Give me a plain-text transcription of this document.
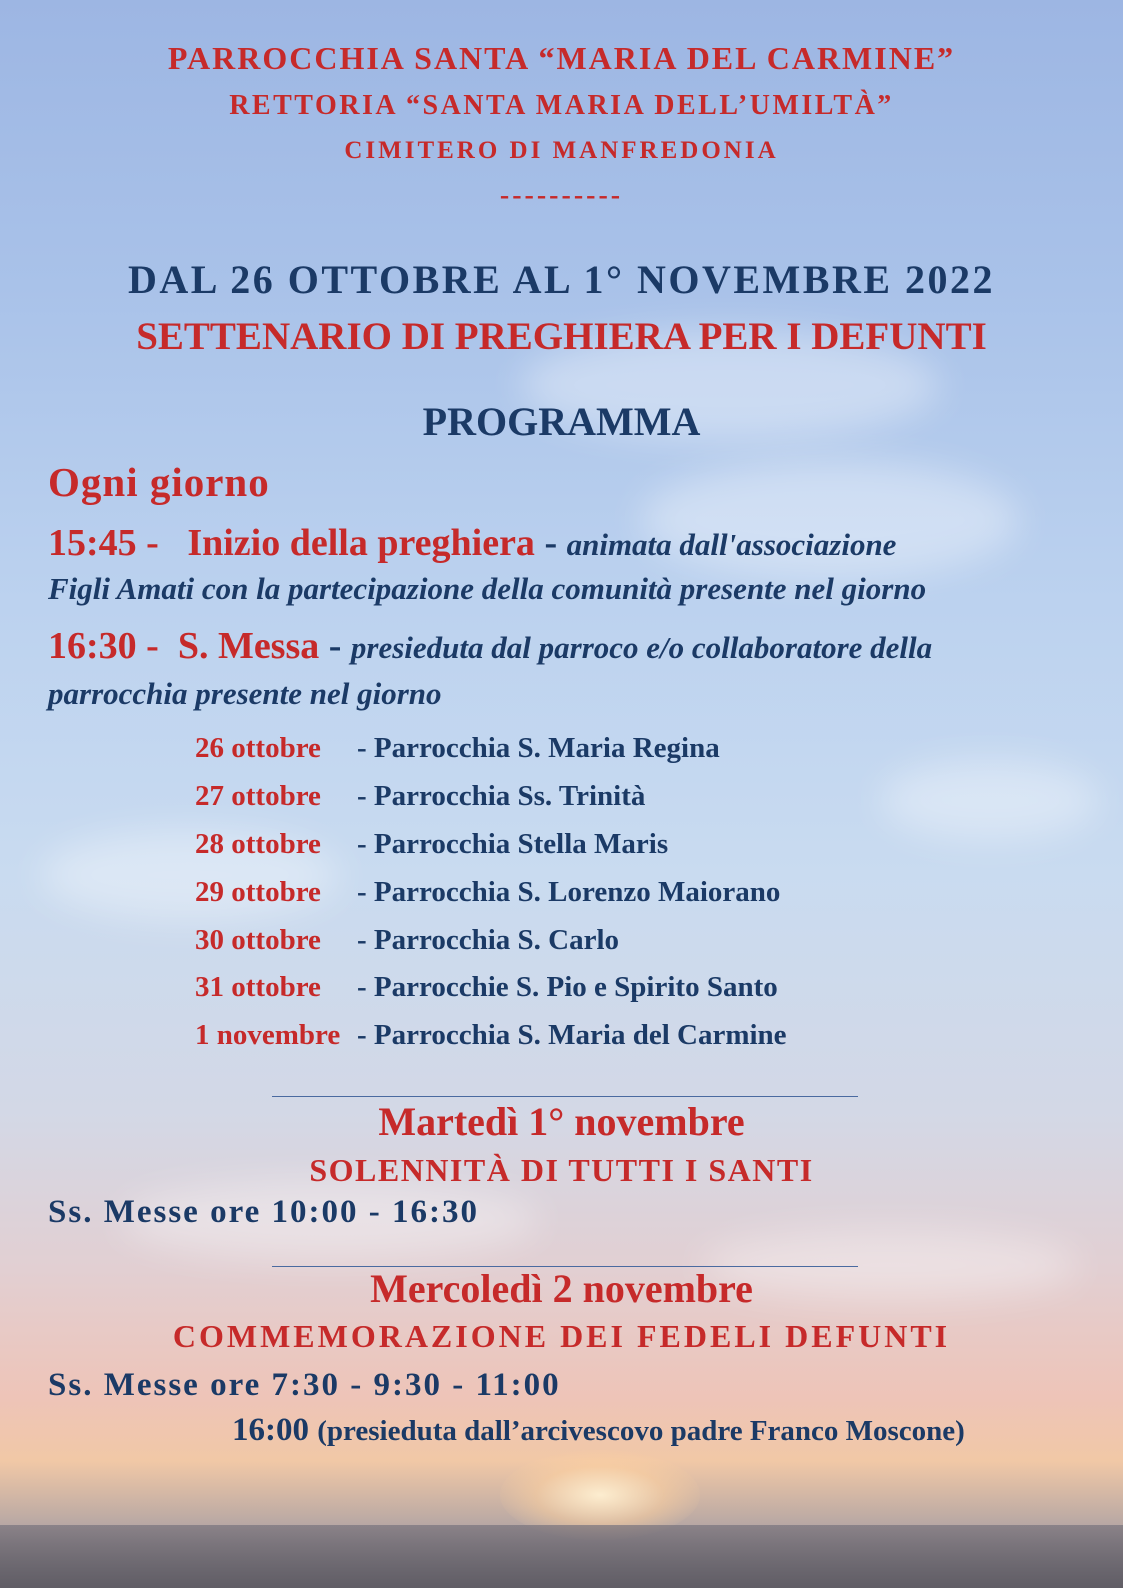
PARROCCHIA SANTA “MARIA DEL CARMINE”
RETTORIA “SANTA MARIA DELL’UMILTÀ”
CIMITERO DI MANFREDONIA
----------
DAL 26 OTTOBRE AL 1° NOVEMBRE 2022
SETTENARIO DI PREGHIERA PER I DEFUNTI
PROGRAMMA
Ogni giorno
15:45 - Inizio della preghiera - animata dall'associazione
Figli Amati con la partecipazione della comunità presente nel giorno
16:30 - S. Messa - presieduta dal parroco e/o collaboratore della
parrocchia presente nel giorno
26 ottobre - Parrocchia S. Maria Regina
27 ottobre - Parrocchia Ss. Trinità
28 ottobre - Parrocchia Stella Maris
29 ottobre - Parrocchia S. Lorenzo Maiorano
30 ottobre - Parrocchia S. Carlo
31 ottobre - Parrocchie S. Pio e Spirito Santo
1 novembre - Parrocchia S. Maria del Carmine
Martedì 1° novembre
SOLENNITÀ DI TUTTI I SANTI
Ss. Messe ore 10:00 - 16:30
Mercoledì 2 novembre
COMMEMORAZIONE DEI FEDELI DEFUNTI
Ss. Messe ore 7:30 - 9:30 - 11:00
16:00 (presieduta dall’arcivescovo padre Franco Moscone)
